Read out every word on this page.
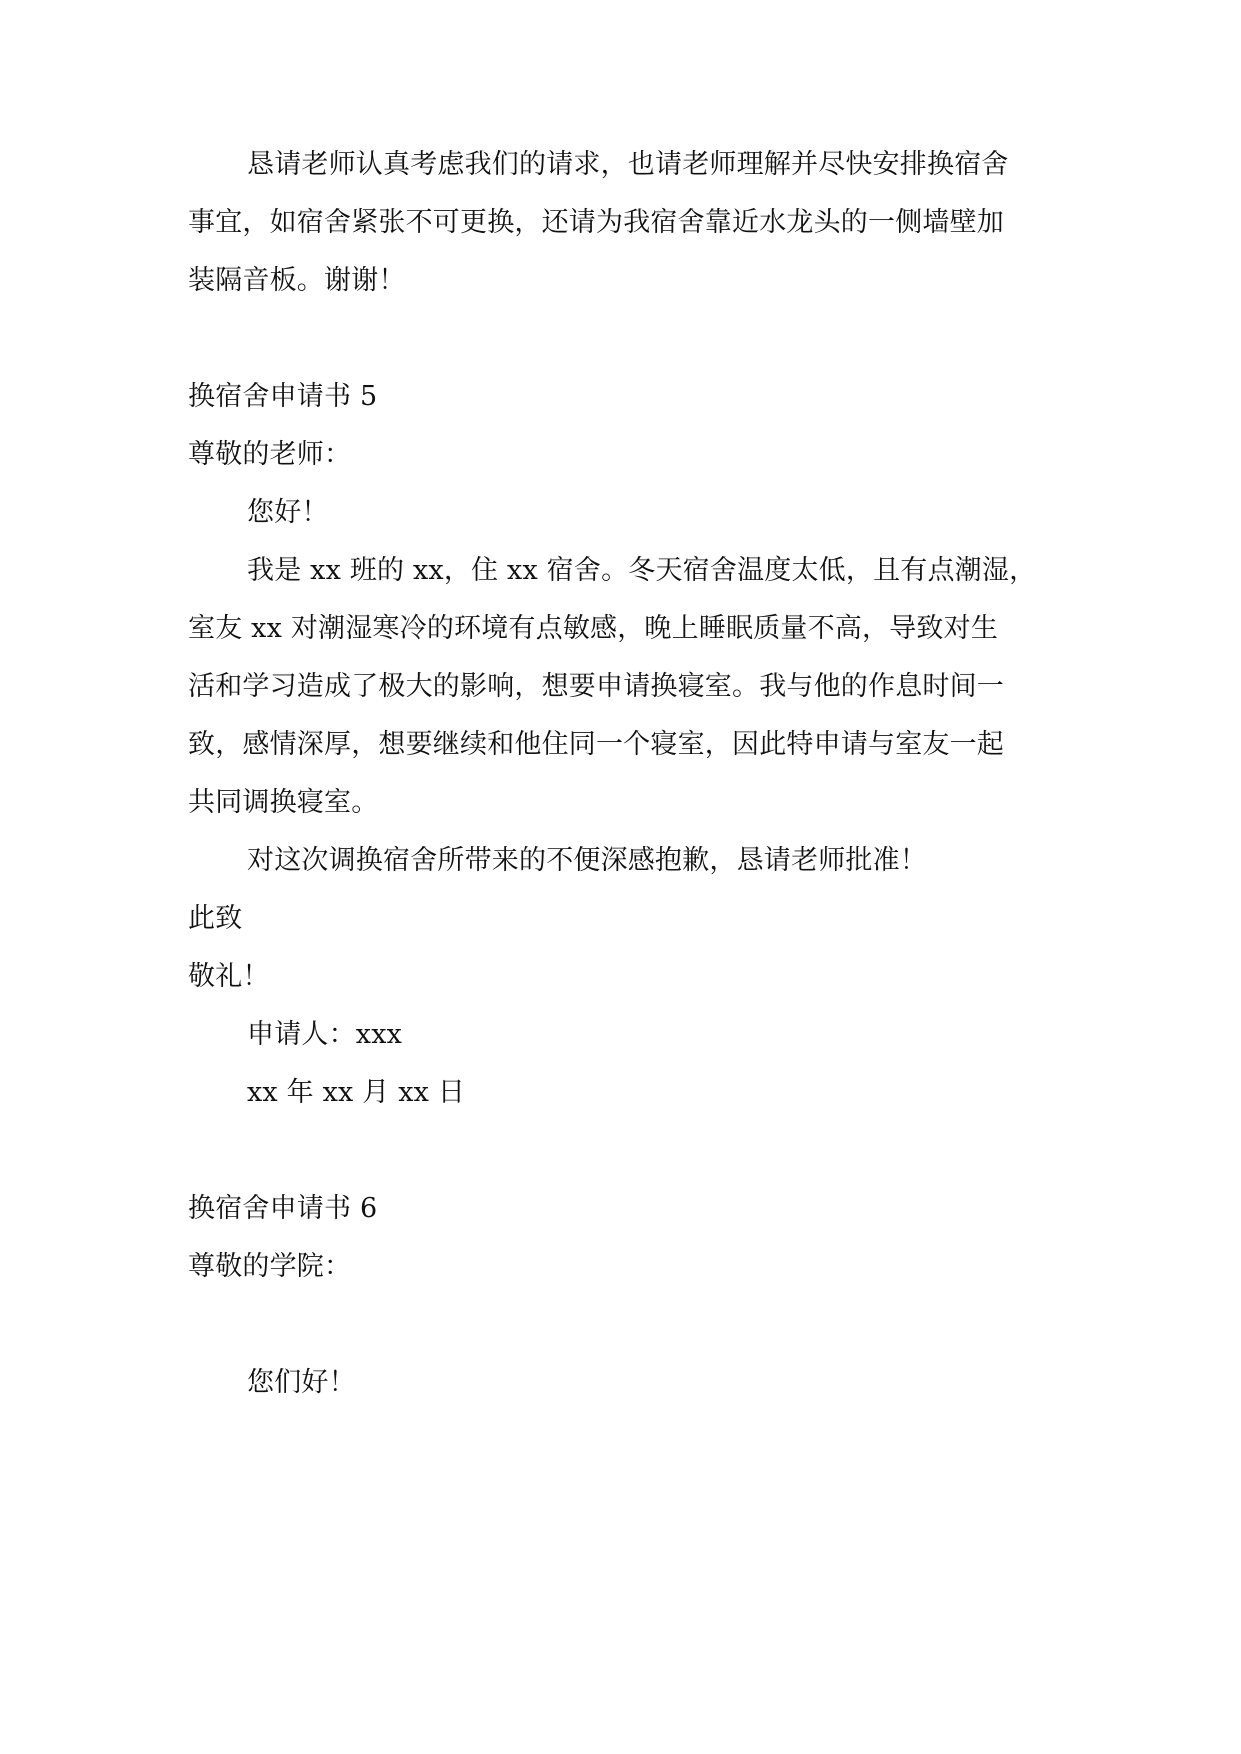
恳请老师认真考虑我们的请求，也请老师理解并尽快安排换宿舍

事宜，如宿舍紧张不可更换，还请为我宿舍靠近水龙头的一侧墙壁加

装隔音板。谢谢！

换宿舍申请书 5

尊敬的老师：

您好！

我是 xx 班的 xx，住 xx 宿舍。冬天宿舍温度太低，且有点潮湿，

室友 xx 对潮湿寒冷的环境有点敏感，晚上睡眠质量不高，导致对生

活和学习造成了极大的影响，想要申请换寝室。我与他的作息时间一

致，感情深厚，想要继续和他住同一个寝室，因此特申请与室友一起

共同调换寝室。

对这次调换宿舍所带来的不便深感抱歉，恳请老师批准！

此致

敬礼！

申请人：xxx

xx 年 xx 月 xx 日

换宿舍申请书 6

尊敬的学院：

您们好！
